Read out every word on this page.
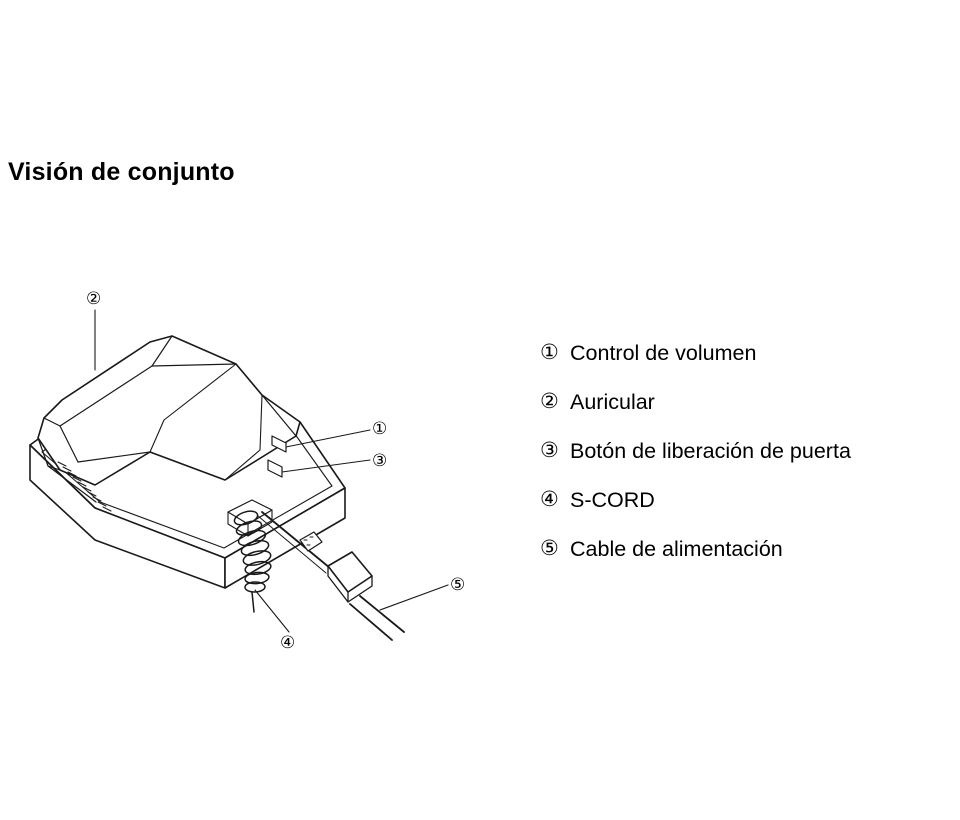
Visión de conjunto
②
①
③
④
⑤
① Control de volumen
② Auricular
③ Botón de liberación de puerta
④ S-CORD
⑤ Cable de alimentación
